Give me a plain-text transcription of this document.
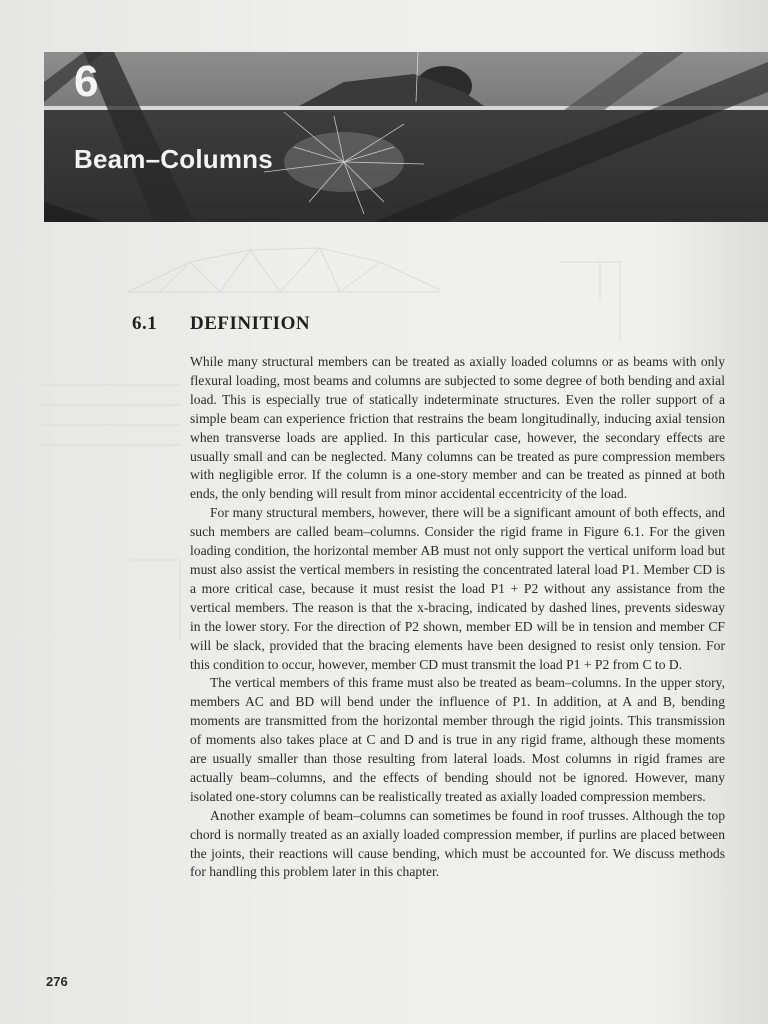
6
Beam–Columns
6.1 DEFINITION

While many structural members can be treated as axially loaded columns or as beams with only flexural loading, most beams and columns are subjected to some degree of both bending and axial load. This is especially true of statically indeterminate structures. Even the roller support of a simple beam can experience friction that restrains the beam longitudinally, inducing axial tension when transverse loads are applied. In this particular case, however, the secondary effects are usually small and can be neglected. Many columns can be treated as pure compression members with negligible error. If the column is a one-story member and can be treated as pinned at both ends, the only bending will result from minor accidental eccentricity of the load.

For many structural members, however, there will be a significant amount of both effects, and such members are called beam–columns. Consider the rigid frame in Figure 6.1. For the given loading condition, the horizontal member AB must not only support the vertical uniform load but must also assist the vertical members in resisting the concentrated lateral load P1. Member CD is a more critical case, because it must resist the load P1 + P2 without any assistance from the vertical members. The reason is that the x-bracing, indicated by dashed lines, prevents sidesway in the lower story. For the direction of P2 shown, member ED will be in tension and member CF will be slack, provided that the bracing elements have been designed to resist only tension. For this condition to occur, however, member CD must transmit the load P1 + P2 from C to D.

The vertical members of this frame must also be treated as beam–columns. In the upper story, members AC and BD will bend under the influence of P1. In addition, at A and B, bending moments are transmitted from the horizontal member through the rigid joints. This transmission of moments also takes place at C and D and is true in any rigid frame, although these moments are usually smaller than those resulting from lateral loads. Most columns in rigid frames are actually beam–columns, and the effects of bending should not be ignored. However, many isolated one-story columns can be realistically treated as axially loaded compression members.

Another example of beam–columns can sometimes be found in roof trusses. Although the top chord is normally treated as an axially loaded compression member, if purlins are placed between the joints, their reactions will cause bending, which must be accounted for. We discuss methods for handling this problem later in this chapter.

276
